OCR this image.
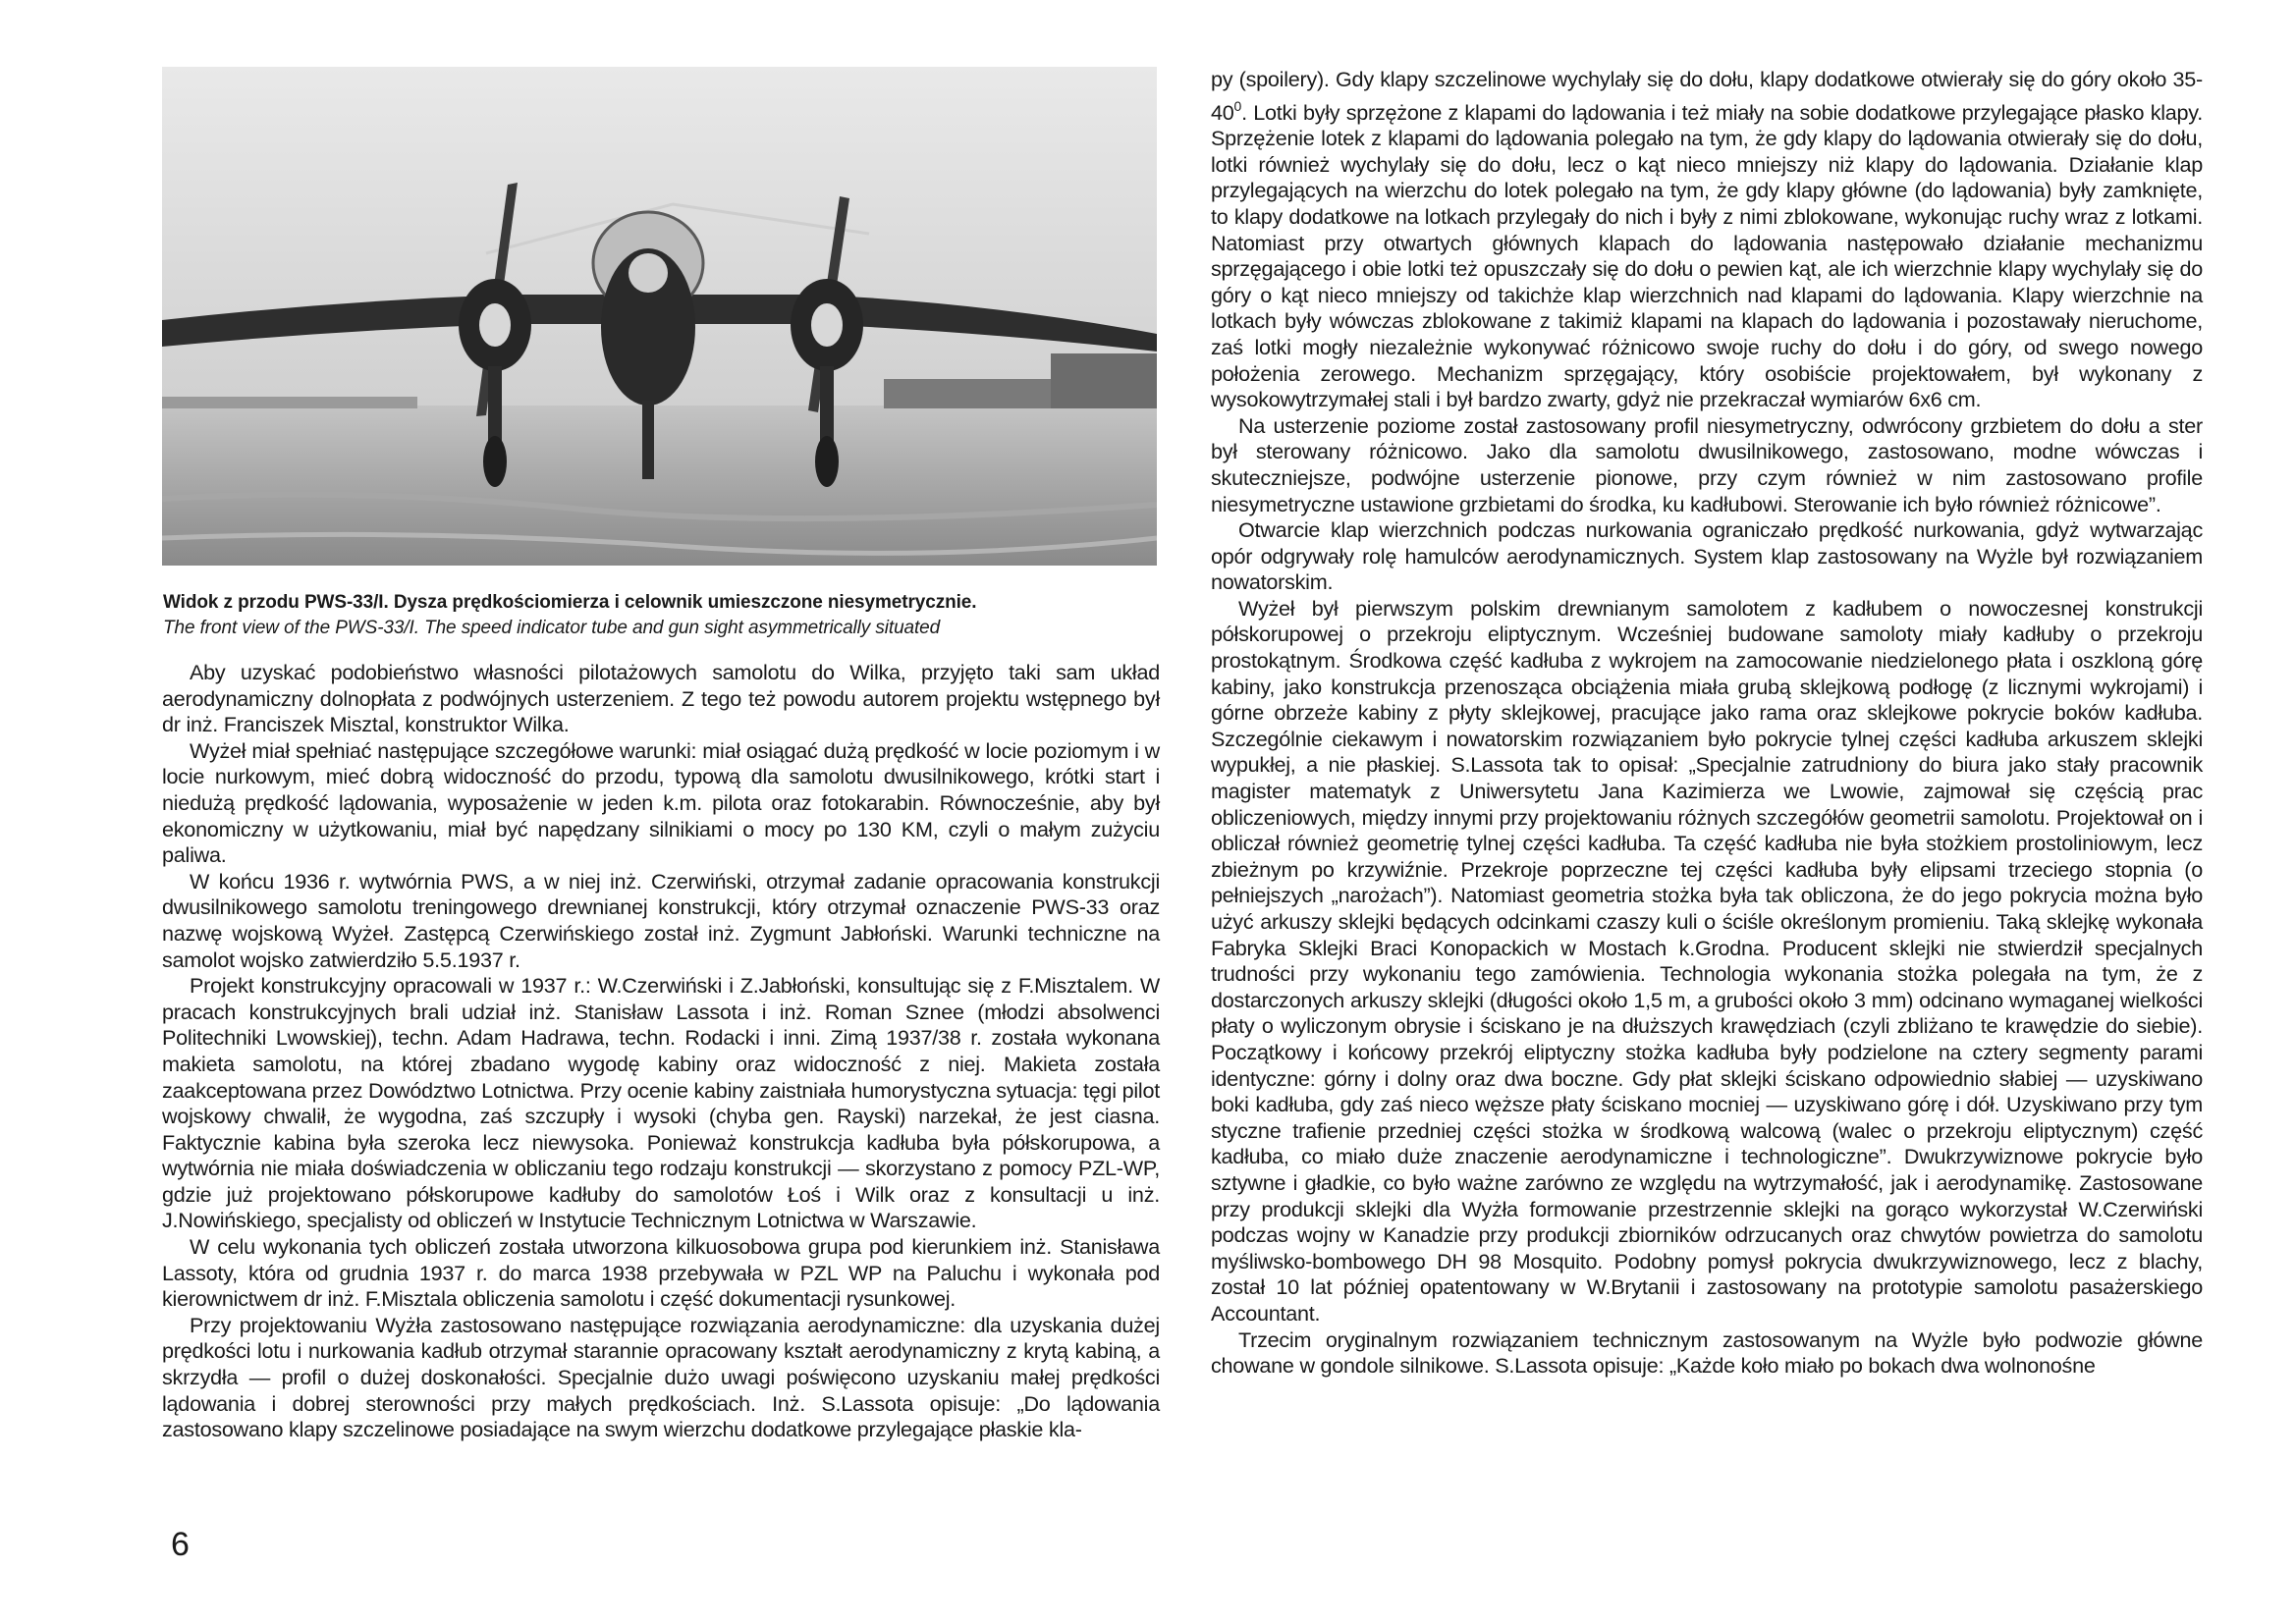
Widok z przodu PWS-33/I. Dysza prędkościomierza i celownik umieszczone niesymetrycznie.
The front view of the PWS-33/I. The speed indicator tube and gun sight asymmetrically situated

Aby uzyskać podobieństwo własności pilotażowych samolotu do Wilka, przyjęto taki sam układ aerodynamiczny dolnopłata z podwójnych usterzeniem. Z tego też powodu autorem projektu wstępnego był dr inż. Franciszek Misztal, konstruktor Wilka.

Wyżeł miał spełniać następujące szczegółowe warunki: miał osiągać dużą prędkość w locie poziomym i w locie nurkowym, mieć dobrą widoczność do przodu, typową dla samolotu dwusilnikowego, krótki start i niedużą prędkość lądowania, wyposażenie w jeden k.m. pilota oraz fotokarabin. Równocześnie, aby był ekonomiczny w użytkowaniu, miał być napędzany silnikiami o mocy po 130 KM, czyli o małym zużyciu paliwa.

W końcu 1936 r. wytwórnia PWS, a w niej inż. Czerwiński, otrzymał zadanie opracowania konstrukcji dwusilnikowego samolotu treningowego drewnianej konstrukcji, który otrzymał oznaczenie PWS-33 oraz nazwę wojskową Wyżeł. Zastępcą Czerwińskiego został inż. Zygmunt Jabłoński. Warunki techniczne na samolot wojsko zatwierdziło 5.5.1937 r.

Projekt konstrukcyjny opracowali w 1937 r.: W.Czerwiński i Z.Jabłoński, konsultując się z F.Misztalem. W pracach konstrukcyjnych brali udział inż. Stanisław Lassota i inż. Roman Sznee (młodzi absolwenci Politechniki Lwowskiej), techn. Adam Hadrawa, techn. Rodacki i inni. Zimą 1937/38 r. została wykonana makieta samolotu, na której zbadano wygodę kabiny oraz widoczność z niej. Makieta została zaakceptowana przez Dowództwo Lotnictwa. Przy ocenie kabiny zaistniała humorystyczna sytuacja: tęgi pilot wojskowy chwalił, że wygodna, zaś szczupły i wysoki (chyba gen. Rayski) narzekał, że jest ciasna. Faktycznie kabina była szeroka lecz niewysoka. Ponieważ konstrukcja kadłuba była półskorupowa, a wytwórnia nie miała doświadczenia w obliczaniu tego rodzaju konstrukcji — skorzystano z pomocy PZL-WP, gdzie już projektowano półskorupowe kadłuby do samolotów Łoś i Wilk oraz z konsultacji u inż. J.Nowińskiego, specjalisty od obliczeń w Instytucie Technicznym Lotnictwa w Warszawie.

W celu wykonania tych obliczeń została utworzona kilkuosobowa grupa pod kierunkiem inż. Stanisława Lassoty, która od grudnia 1937 r. do marca 1938 przebywała w PZL WP na Paluchu i wykonała pod kierownictwem dr inż. F.Misztala obliczenia samolotu i część dokumentacji rysunkowej.

Przy projektowaniu Wyżła zastosowano następujące rozwiązania aerodynamiczne: dla uzyskania dużej prędkości lotu i nurkowania kadłub otrzymał starannie opracowany kształt aerodynamiczny z krytą kabiną, a skrzydła — profil o dużej doskonałości. Specjalnie dużo uwagi poświęcono uzyskaniu małej prędkości lądowania i dobrej sterowności przy małych prędkościach. Inż. S.Lassota opisuje: „Do lądowania zastosowano klapy szczelinowe posiadające na swym wierzchu dodatkowe przylegające płaskie kla-

py (spoilery). Gdy klapy szczelinowe wychylały się do dołu, klapy dodatkowe otwierały się do góry około $35-40^0$. Lotki były sprzężone z klapami do lądowania i też miały na sobie dodatkowe przylegające płasko klapy. Sprzężenie lotek z klapami do lądowania polegało na tym, że gdy klapy do lądowania otwierały się do dołu, lotki również wychylały się do dołu, lecz o kąt nieco mniejszy niż klapy do lądowania. Działanie klap przylegających na wierzchu do lotek polegało na tym, że gdy klapy główne (do lądowania) były zamknięte, to klapy dodatkowe na lotkach przylegały do nich i były z nimi zblokowane, wykonując ruchy wraz z lotkami. Natomiast przy otwartych głównych klapach do lądowania następowało działanie mechanizmu sprzęgającego i obie lotki też opuszczały się do dołu o pewien kąt, ale ich wierzchnie klapy wychylały się do góry o kąt nieco mniejszy od takichże klap wierzchnich nad klapami do lądowania. Klapy wierzchnie na lotkach były wówczas zblokowane z takimiż klapami na klapach do lądowania i pozostawały nieruchome, zaś lotki mogły niezależnie wykonywać różnicowo swoje ruchy do dołu i do góry, od swego nowego położenia zerowego. Mechanizm sprzęgający, który osobiście projektowałem, był wykonany z wysokowytrzymałej stali i był bardzo zwarty, gdyż nie przekraczał wymiarów 6x6 cm.

Na usterzenie poziome został zastosowany profil niesymetryczny, odwrócony grzbietem do dołu a ster był sterowany różnicowo. Jako dla samolotu dwusilnikowego, zastosowano, modne wówczas i skuteczniejsze, podwójne usterzenie pionowe, przy czym również w nim zastosowano profile niesymetryczne ustawione grzbietami do środka, ku kadłubowi. Sterowanie ich było również różnicowe”.

Otwarcie klap wierzchnich podczas nurkowania ograniczało prędkość nurkowania, gdyż wytwarzając opór odgrywały rolę hamulców aerodynamicznych. System klap zastosowany na Wyżle był rozwiązaniem nowatorskim.

Wyżeł był pierwszym polskim drewnianym samolotem z kadłubem o nowoczesnej konstrukcji półskorupowej o przekroju eliptycznym. Wcześniej budowane samoloty miały kadłuby o przekroju prostokątnym. Środkowa część kadłuba z wykrojem na zamocowanie niedzielonego płata i oszkloną górę kabiny, jako konstrukcja przenosząca obciążenia miała grubą sklejkową podłogę (z licznymi wykrojami) i górne obrzeże kabiny z płyty sklejkowej, pracujące jako rama oraz sklejkowe pokrycie boków kadłuba. Szczególnie ciekawym i nowatorskim rozwiązaniem było pokrycie tylnej części kadłuba arkuszem sklejki wypukłej, a nie płaskiej. S.Lassota tak to opisał: „Specjalnie zatrudniony do biura jako stały pracownik magister matematyk z Uniwersytetu Jana Kazimierza we Lwowie, zajmował się częścią prac obliczeniowych, między innymi przy projektowaniu różnych szczegółów geometrii samolotu. Projektował on i obliczał również geometrię tylnej części kadłuba. Ta część kadłuba nie była stożkiem prostoliniowym, lecz zbieżnym po krzywiźnie. Przekroje poprzeczne tej części kadłuba były elipsami trzeciego stopnia (o pełniejszych „narożach”). Natomiast geometria stożka była tak obliczona, że do jego pokrycia można było użyć arkuszy sklejki będących odcinkami czaszy kuli o ściśle określonym promieniu. Taką sklejkę wykonała Fabryka Sklejki Braci Konopackich w Mostach k.Grodna. Producent sklejki nie stwierdził specjalnych trudności przy wykonaniu tego zamówienia. Technologia wykonania stożka polegała na tym, że z dostarczonych arkuszy sklejki (długości około 1,5 m, a grubości około 3 mm) odcinano wymaganej wielkości płaty o wyliczonym obrysie i ściskano je na dłuższych krawędziach (czyli zbliżano te krawędzie do siebie). Początkowy i końcowy przekrój eliptyczny stożka kadłuba były podzielone na cztery segmenty parami identyczne: górny i dolny oraz dwa boczne. Gdy płat sklejki ściskano odpowiednio słabiej — uzyskiwano boki kadłuba, gdy zaś nieco węższe płaty ściskano mocniej — uzyskiwano górę i dół. Uzyskiwano przy tym styczne trafienie przedniej części stożka w środkową walcową (walec o przekroju eliptycznym) część kadłuba, co miało duże znaczenie aerodynamiczne i technologiczne”. Dwukrzywiznowe pokrycie było sztywne i gładkie, co było ważne zarówno ze względu na wytrzymałość, jak i aerodynamikę. Zastosowane przy produkcji sklejki dla Wyżła formowanie przestrzennie sklejki na gorąco wykorzystał W.Czerwiński podczas wojny w Kanadzie przy produkcji zbiorników odrzucanych oraz chwytów powietrza do samolotu myśliwsko-bombowego DH 98 Mosquito. Podobny pomysł pokrycia dwukrzywiznowego, lecz z blachy, został 10 lat później opatentowany w W.Brytanii i zastosowany na prototypie samolotu pasażerskiego Accountant.

Trzecim oryginalnym rozwiązaniem technicznym zastosowanym na Wyżle było podwozie główne chowane w gondole silnikowe. S.Lassota opisuje: „Każde koło miało po bokach dwa wolnonośne

6
